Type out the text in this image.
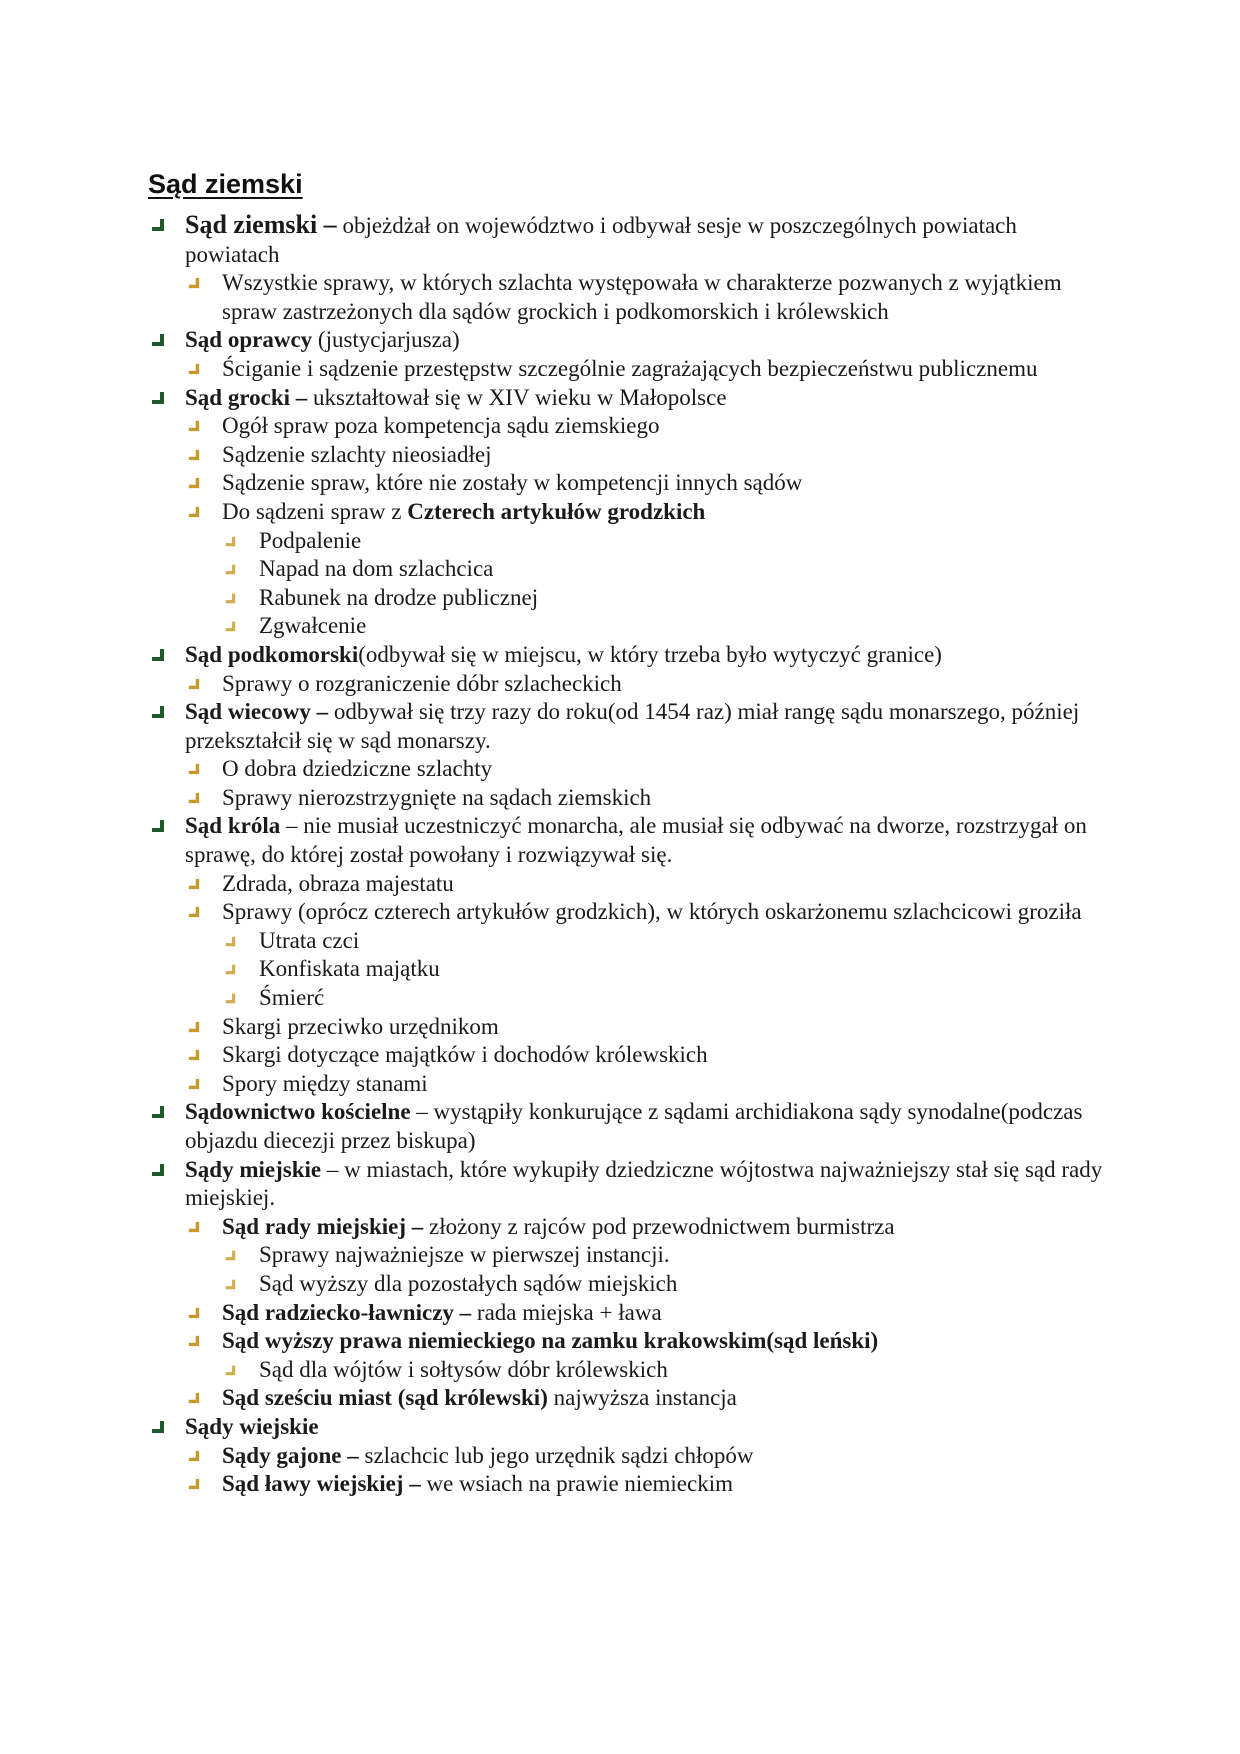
Sąd ziemski
Sąd ziemski – objeżdżał on województwo i odbywał sesje w poszczególnych powiatach powiatach
Wszystkie sprawy, w których szlachta występowała w charakterze pozwanych z wyjątkiem spraw zastrzeżonych dla sądów grockich i podkomorskich i królewskich
Sąd oprawcy (justycjarjusza)
Ściganie i sądzenie przestępstw szczególnie zagrażających bezpieczeństwu publicznemu
Sąd grocki – ukształtował się w XIV wieku w Małopolsce
Ogół spraw poza kompetencja sądu ziemskiego
Sądzenie szlachty nieosiadłej
Sądzenie spraw, które nie zostały w kompetencji innych sądów
Do sądzeni spraw z Czterech artykułów grodzkich
Podpalenie
Napad na dom szlachcica
Rabunek na drodze publicznej
Zgwałcenie
Sąd podkomorski(odbywał się w miejscu, w który trzeba było wytyczyć granice)
Sprawy o rozgraniczenie dóbr szlacheckich
Sąd wiecowy – odbywał się trzy razy do roku(od 1454 raz) miał rangę sądu monarszego, później przekształcił się w sąd monarszy.
O dobra dziedziczne szlachty
Sprawy nierozstrzygnięte na sądach ziemskich
Sąd króla – nie musiał uczestniczyć monarcha, ale musiał się odbywać na dworze, rozstrzygał on sprawę, do której został powołany i rozwiązywał się.
Zdrada, obraza majestatu
Sprawy (oprócz czterech artykułów grodzkich), w których oskarżonemu szlachcicowi groziła
Utrata czci
Konfiskata majątku
Śmierć
Skargi przeciwko urzędnikom
Skargi dotyczące majątków i dochodów królewskich
Spory między stanami
Sądownictwo kościelne – wystąpiły konkurujące z sądami archidiakona sądy synodalne(podczas objazdu diecezji przez biskupa)
Sądy miejskie – w miastach, które wykupiły dziedziczne wójtostwa najważniejszy stał się sąd rady miejskiej.
Sąd rady miejskiej – złożony z rajców pod przewodnictwem burmistrza
Sprawy najważniejsze w pierwszej instancji.
Sąd wyższy dla pozostałych sądów miejskich
Sąd radziecko-ławniczy – rada miejska + ława
Sąd wyższy prawa niemieckiego na zamku krakowskim(sąd leński)
Sąd dla wójtów i sołtysów dóbr królewskich
Sąd sześciu miast (sąd królewski) najwyższa instancja
Sądy wiejskie
Sądy gajone – szlachcic lub jego urzędnik sądzi chłopów
Sąd ławy wiejskiej – we wsiach na prawie niemieckim
